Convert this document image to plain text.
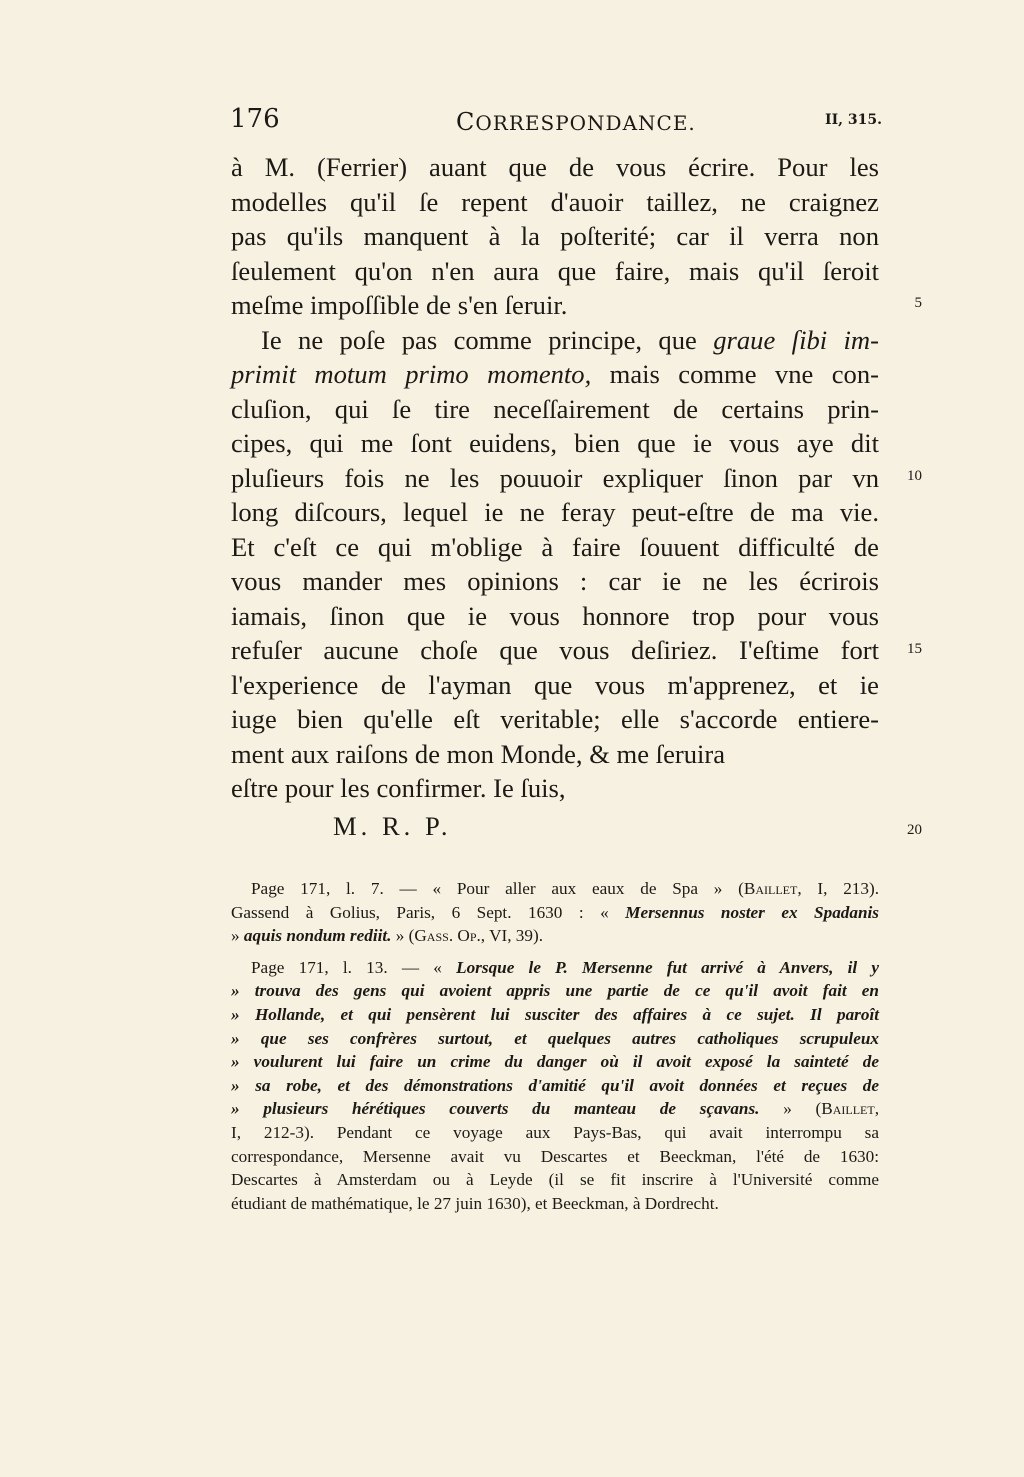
176	CORRESPONDANCE.	II, 315.
à M. (Ferrier) auant que de vous écrire. Pour les
modelles qu'il ſe repent d'auoir taillez, ne craignez
pas qu'ils manquent à la poſterité; car il verra non
ſeulement qu'on n'en aura que faire, mais qu'il ſeroit
meſme impoſſible de s'en ſeruir.
Ie ne poſe pas comme principe, que graue ſibi im-
primit motum primo momento, mais comme vne con-
cluſion, qui ſe tire neceſſairement de certains prin-
cipes, qui me ſont euidens, bien que ie vous aye dit
pluſieurs fois ne les pouuoir expliquer ſinon par vn
long diſcours, lequel ie ne feray peut-eſtre de ma vie.
Et c'eſt ce qui m'oblige à faire ſouuent difficulté de
vous mander mes opinions : car ie ne les écrirois
iamais, ſinon que ie vous honnore trop pour vous
refuſer aucune choſe que vous deſiriez. I'eſtime fort
l'experience de l'ayman que vous m'apprenez, et ie
iuge bien qu'elle eſt veritable; elle s'accorde entiere-
ment aux raiſons de mon Monde, & me ſeruira
eſtre pour les confirmer. Ie ſuis,
M. R. P.
5
10
15
20
Page 171, l. 7. — « Pour aller aux eaux de Spa » (Baillet, I, 213).
Gassend à Golius, Paris, 6 Sept. 1630 : « Mersennus noster ex Spadanis
» aquis nondum rediit. » (Gass. Op., VI, 39).
Page 171, l. 13. — « Lorsque le P. Mersenne fut arrivé à Anvers, il y
» trouva des gens qui avoient appris une partie de ce qu'il avoit fait en
» Hollande, et qui pensèrent lui susciter des affaires à ce sujet. Il paroît
» que ses confrères surtout, et quelques autres catholiques scrupuleux
» voulurent lui faire un crime du danger où il avoit exposé la sainteté de
» sa robe, et des démonstrations d'amitié qu'il avoit données et reçues de
» plusieurs hérétiques couverts du manteau de sçavans. » (Baillet,
I, 212-3). Pendant ce voyage aux Pays-Bas, qui avait interrompu sa
correspondance, Mersenne avait vu Descartes et Beeckman, l'été de 1630:
Descartes à Amsterdam ou à Leyde (il se fit inscrire à l'Université comme
étudiant de mathématique, le 27 juin 1630), et Beeckman, à Dordrecht.
